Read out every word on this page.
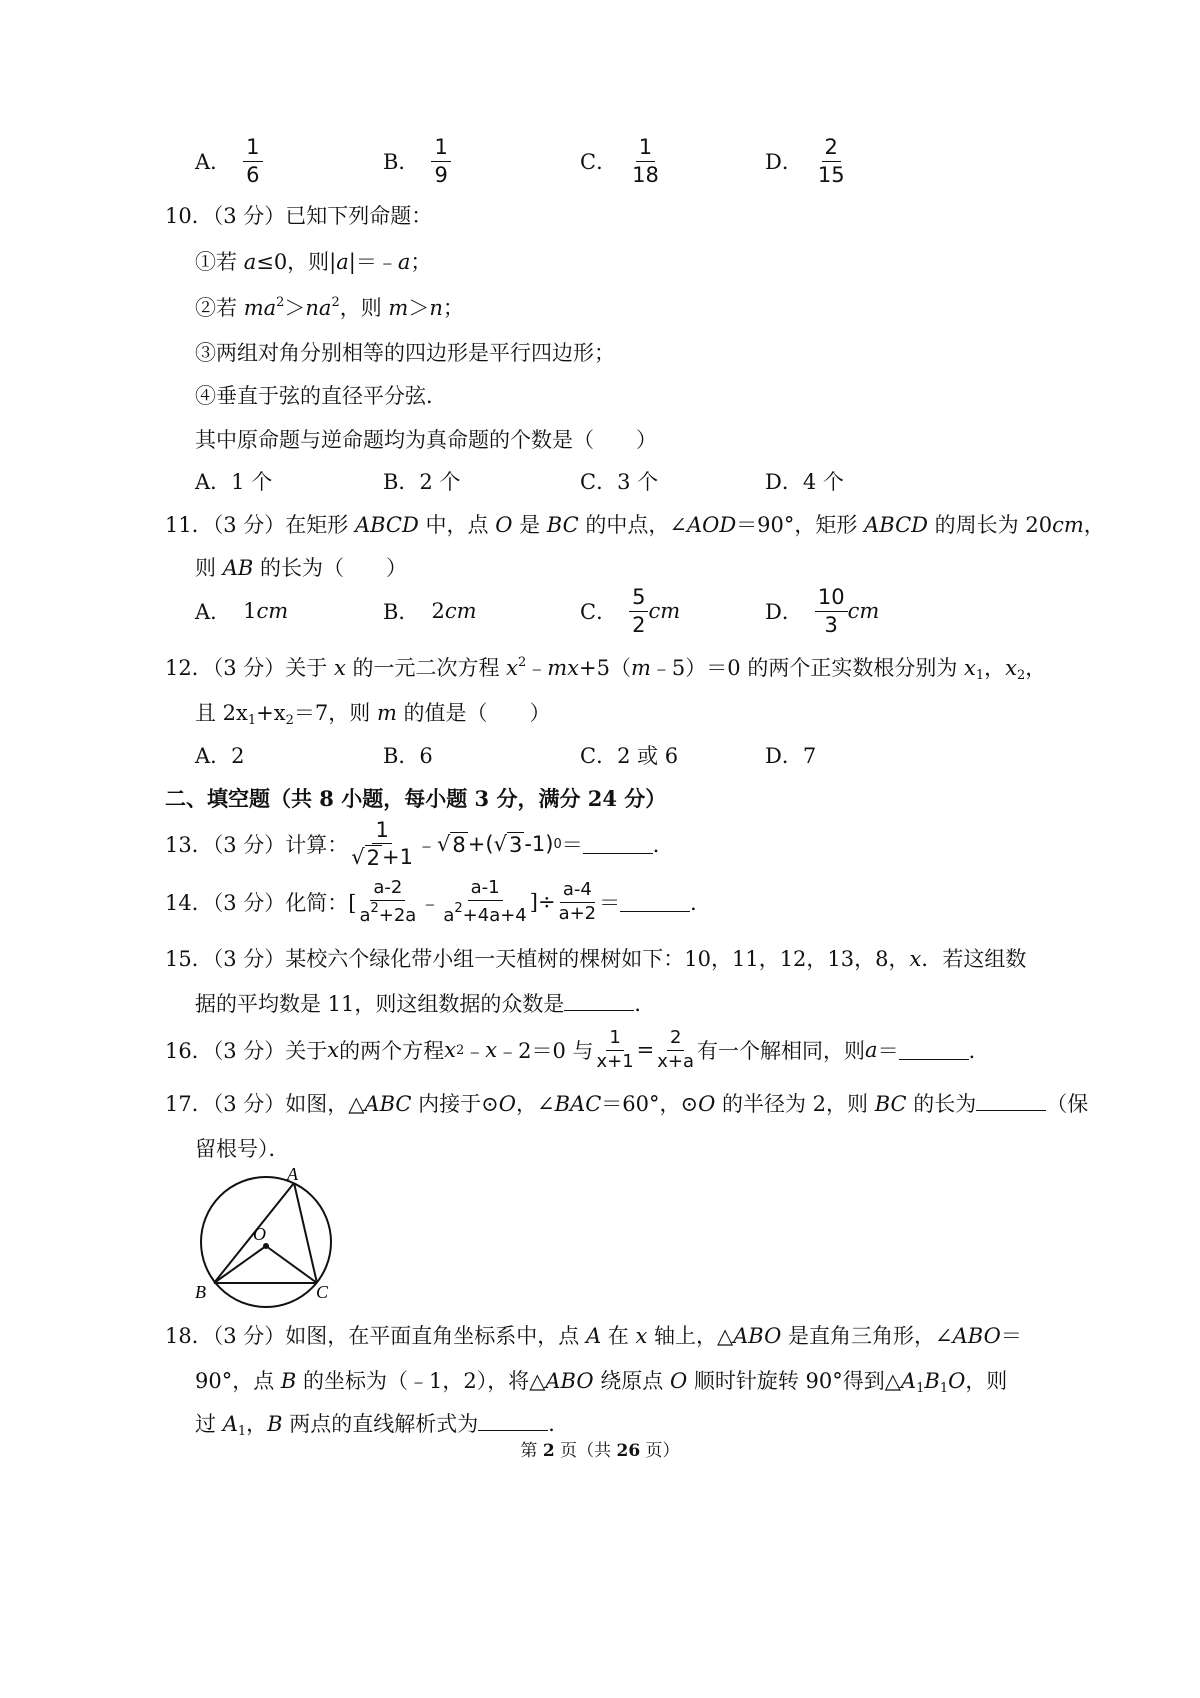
A． $\frac{1}{6}$	B． $\frac{1}{9}$	C． $\frac{1}{18}$	D． $\frac{2}{15}$
10．（3 分）已知下列命题：
①若 a≤0，则|a|＝﹣a；
②若 $ma^2>na^2$，则 m＞n；
③两组对角分别相等的四边形是平行四边形；
④垂直于弦的直径平分弦．
其中原命题与逆命题均为真命题的个数是（　　）
A．1 个	B．2 个	C．3 个	D．4 个
11．（3 分）在矩形 ABCD 中，点 O 是 BC 的中点，∠AOD＝90°，矩形 ABCD 的周长为 20cm，
则 AB 的长为（　　）
A． 1 cm	B． 2 cm	C． $\frac{5}{2}$ cm	D． $\frac{10}{3}$ cm
12．（3 分）关于 x 的一元二次方程 $x^2﹣mx+5(m﹣5)=0$ 的两个正实数根分别为 $x_1$，$x_2$，
且 $2x_1+x_2=7$，则 m 的值是（　　）
A．2	B．6	C．2 或 6	D．7
二、填空题（共 8 小题，每小题 3 分，满分 24 分）
13．（3 分）计算： $\frac{1}{√ 2 +1}$ ﹣ √ 8 +( √ 3 -1) 0 ＝	．
14．（3 分）化简：[ $\frac{a-2}{a^2+2a}$ ﹣ $\frac{a-1}{a^2+4a+4}$ ]÷ $\frac{a-4}{a+2}$ ＝	．
15．（3 分）某校六个绿化带小组一天植树的棵树如下：10，11，12，13，8，x．若这组数
据的平均数是 11，则这组数据的众数是	．
16．（3 分）关于 x 的两个方程 x 2 ﹣ x ﹣2＝0 与 $\frac{1}{x+1} = \frac{2}{x+a}$ 有一个解相同，则 a ＝	．
17．（3 分）如图，△ABC 内接于⊙O，∠BAC＝60°，⊙O 的半径为 2，则 BC 的长为	（保
留根号）．
A
B	C
O
18．（3 分）如图，在平面直角坐标系中，点 A 在 x 轴上，△ABO 是直角三角形，∠ABO＝
90°，点 B 的坐标为（﹣1，2），将△ABO 绕原点 O 顺时针旋转 90°得到$\triangle A_1B_1O$，则
过 $A_1$，B 两点的直线解析式为	．
第 2 页（共 26 页）
